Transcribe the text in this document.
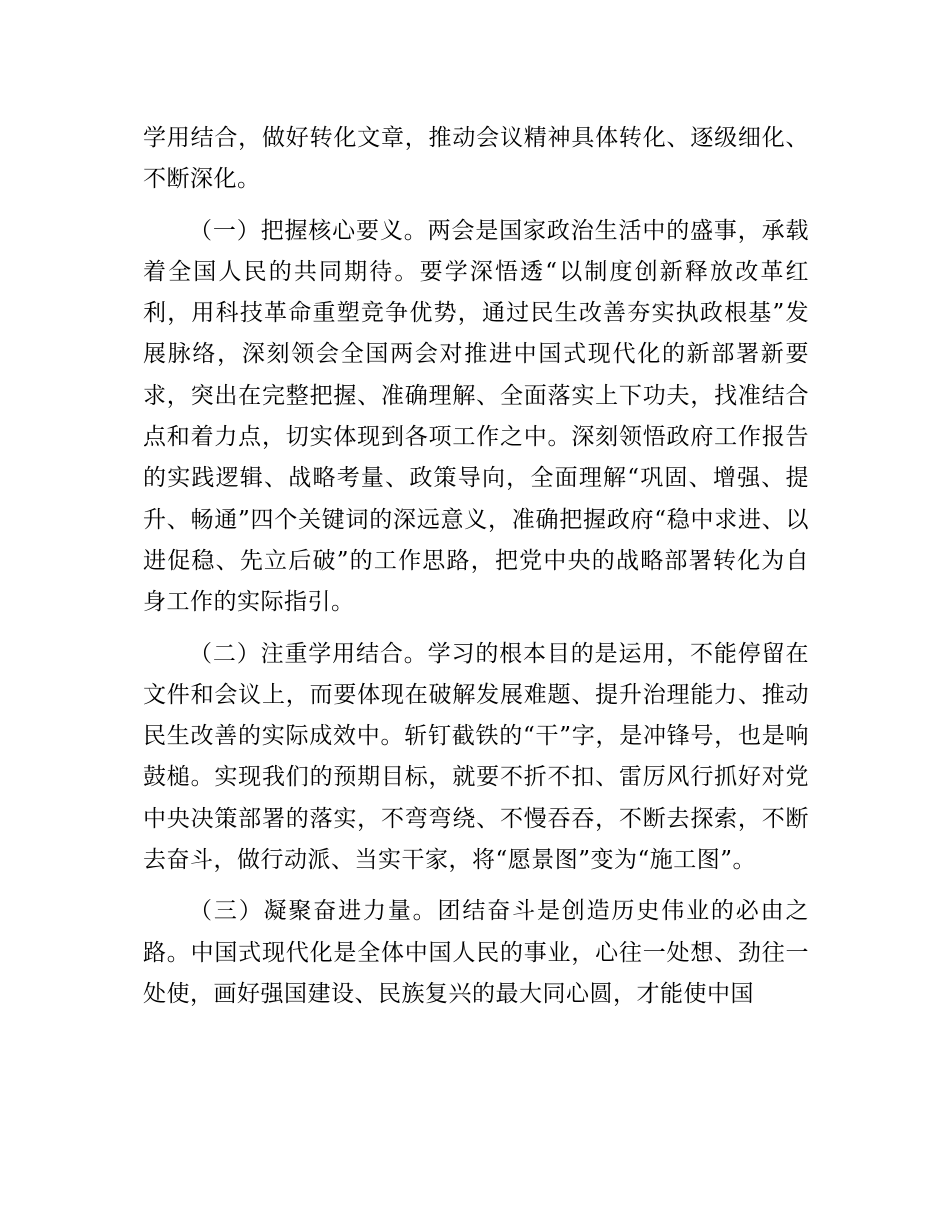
学用结合，做好转化文章，推动会议精神具体转化、逐级细化、不断深化。

（一）把握核心要义。两会是国家政治生活中的盛事，承载着全国人民的共同期待。要学深悟透“以制度创新释放改革红利，用科技革命重塑竞争优势，通过民生改善夯实执政根基”发展脉络，深刻领会全国两会对推进中国式现代化的新部署新要求，突出在完整把握、准确理解、全面落实上下功夫，找准结合点和着力点，切实体现到各项工作之中。深刻领悟政府工作报告的实践逻辑、战略考量、政策导向，全面理解“巩固、增强、提升、畅通”四个关键词的深远意义，准确把握政府“稳中求进、以进促稳、先立后破”的工作思路，把党中央的战略部署转化为自身工作的实际指引。

（二）注重学用结合。学习的根本目的是运用，不能停留在文件和会议上，而要体现在破解发展难题、提升治理能力、推动民生改善的实际成效中。斩钉截铁的“干”字，是冲锋号，也是响鼓槌。实现我们的预期目标，就要不折不扣、雷厉风行抓好对党中央决策部署的落实，不弯弯绕、不慢吞吞，不断去探索，不断去奋斗，做行动派、当实干家，将“愿景图”变为“施工图”。

（三）凝聚奋进力量。团结奋斗是创造历史伟业的必由之路。中国式现代化是全体中国人民的事业，心往一处想、劲往一处使，画好强国建设、民族复兴的最大同心圆，才能使中国
